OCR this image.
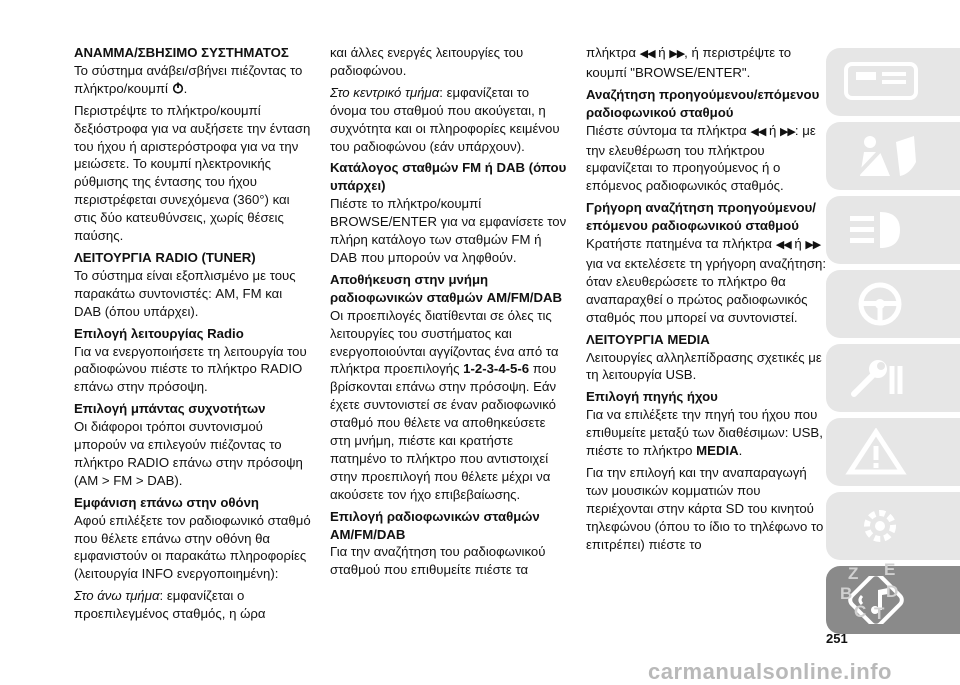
ΑΝΑΜΜΑ/ΣΒΗΣΙΜΟ ΣΥΣΤΗΜΑΤΟΣ

Το σύστημα ανάβει/σβήνει πιέζοντας το πλήκτρο/κουμπί .

Περιστρέψτε το πλήκτρο/κουμπί δεξιόστροφα για να αυξήσετε την ένταση του ήχου ή αριστερόστροφα για να την μειώσετε. Το κουμπί ηλεκτρονικής ρύθμισης της έντασης του ήχου περιστρέφεται συνεχόμενα (360°) και στις δύο κατευθύνσεις, χωρίς θέσεις παύσης.

ΛΕΙΤΟΥΡΓΙΑ RADIO (TUNER)

Το σύστημα είναι εξοπλισμένο με τους παρακάτω συντονιστές: AM, FM και DAB (όπου υπάρχει).

Επιλογή λειτουργίας Radio

Για να ενεργοποιήσετε τη λειτουργία του ραδιοφώνου πιέστε το πλήκτρο RADIO επάνω στην πρόσοψη.

Επιλογή μπάντας συχνοτήτων

Οι διάφοροι τρόποι συντονισμού μπορούν να επιλεγούν πιέζοντας το πλήκτρο RADIO επάνω στην πρόσοψη (AM > FM > DAB).

Εμφάνιση επάνω στην οθόνη

Αφού επιλέξετε τον ραδιοφωνικό σταθμό που θέλετε επάνω στην οθόνη θα εμφανιστούν οι παρακάτω πληροφορίες (λειτουργία INFO ενεργοποιημένη):

Στο άνω τμήμα: εμφανίζεται ο προεπιλεγμένος σταθμός, η ώρα

και άλλες ενεργές λειτουργίες του ραδιοφώνου.

Στο κεντρικό τμήμα: εμφανίζεται το όνομα του σταθμού που ακούγεται, η συχνότητα και οι πληροφορίες κειμένου του ραδιοφώνου (εάν υπάρχουν).

Κατάλογος σταθμών FM ή DAB (όπου υπάρχει)

Πιέστε το πλήκτρο/κουμπί BROWSE/ENTER για να εμφανίσετε τον πλήρη κατάλογο των σταθμών FM ή DAB που μπορούν να ληφθούν.

Αποθήκευση στην μνήμη ραδιοφωνικών σταθμών AM/FM/DAB

Οι προεπιλογές διατίθενται σε όλες τις λειτουργίες του συστήματος και ενεργοποιούνται αγγίζοντας ένα από τα πλήκτρα προεπιλογής 1-2-3-4-5-6 που βρίσκονται επάνω στην πρόσοψη. Εάν έχετε συντονιστεί σε έναν ραδιοφωνικό σταθμό που θέλετε να αποθηκεύσετε στη μνήμη, πιέστε και κρατήστε πατημένο το πλήκτρο που αντιστοιχεί στην προεπιλογή που θέλετε μέχρι να ακούσετε τον ήχο επιβεβαίωσης.

Επιλογή ραδιοφωνικών σταθμών AM/FM/DAB

Για την αναζήτηση του ραδιοφωνικού σταθμού που επιθυμείτε πιέστε τα

πλήκτρα ◀◀ ή ▶▶, ή περιστρέψτε το κουμπί "BROWSE/ENTER".

Αναζήτηση προηγούμενου/επόμενου ραδιοφωνικού σταθμού

Πιέστε σύντομα τα πλήκτρα ◀◀ ή ▶▶: με την ελευθέρωση του πλήκτρου εμφανίζεται το προηγούμενος ή ο επόμενος ραδιοφωνικός σταθμός.

Γρήγορη αναζήτηση προηγούμενου/επόμενου ραδιοφωνικού σταθμού

Κρατήστε πατημένα τα πλήκτρα ◀◀ ή ▶▶ για να εκτελέσετε τη γρήγορη αναζήτηση: όταν ελευθερώσετε το πλήκτρο θα αναπαραχθεί ο πρώτος ραδιοφωνικός σταθμός που μπορεί να συντονιστεί.

ΛΕΙΤΟΥΡΓΙΑ MEDIA

Λειτουργίες αλληλεπίδρασης σχετικές με τη λειτουργία USB.

Επιλογή πηγής ήχου

Για να επιλέξετε την πηγή του ήχου που επιθυμείτε μεταξύ των διαθέσιμων: USB, πιέστε το πλήκτρο MEDIA.

Για την επιλογή και την αναπαραγωγή των μουσικών κομματιών που περιέχονται στην κάρτα SD του κινητού τηλεφώνου (όπου το ίδιο το τηλέφωνο το επιτρέπει) πιέστε το

Z E
B D
C T
251
carmanualsonline.info
